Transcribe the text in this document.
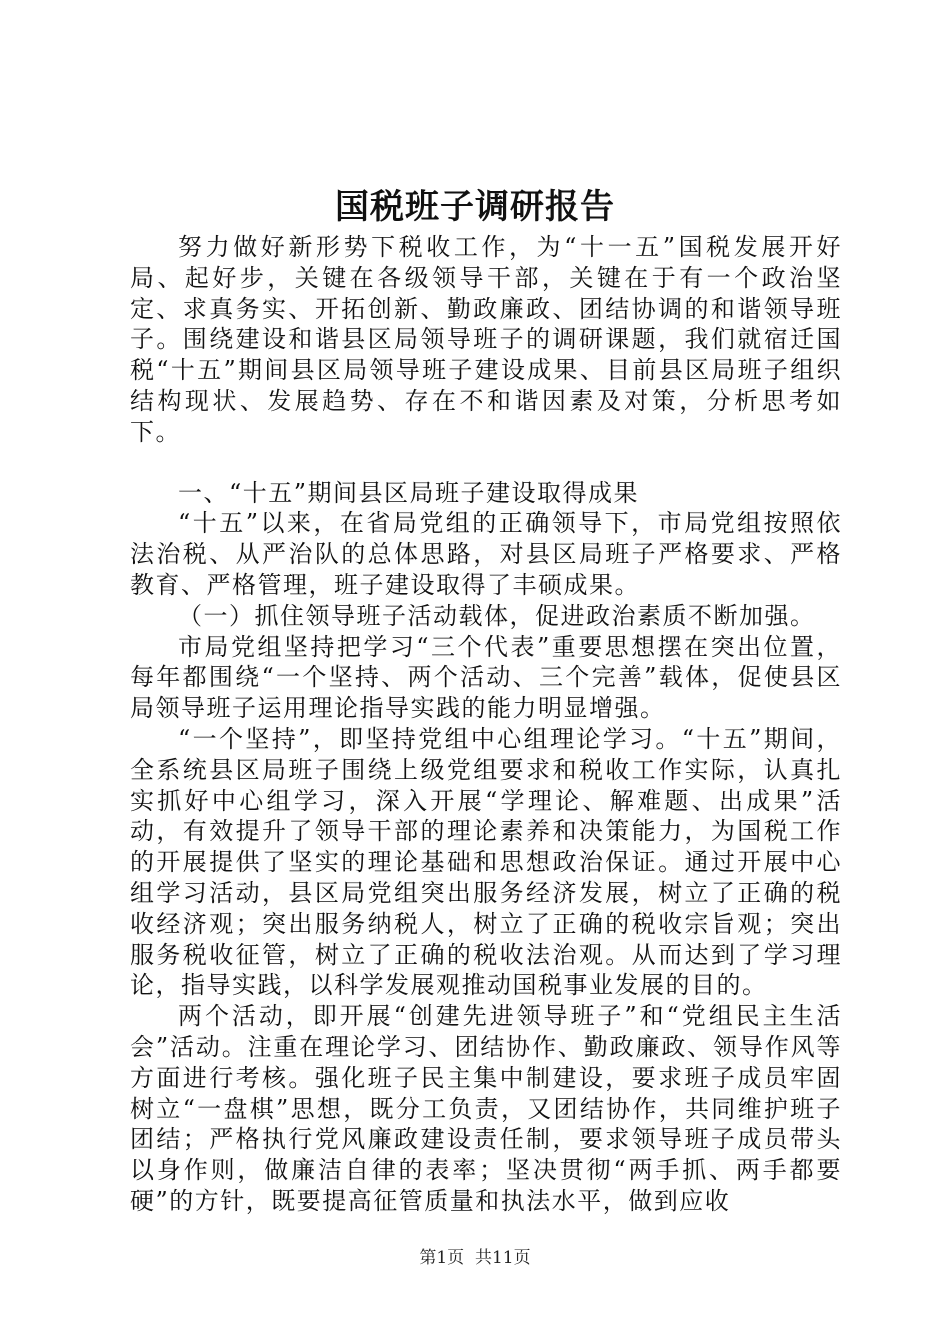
国税班子调研报告

努力做好新形势下税收工作，为“十一五”国税发展开好局、起好步，关键在各级领导干部，关键在于有一个政治坚定、求真务实、开拓创新、勤政廉政、团结协调的和谐领导班子。围绕建设和谐县区局领导班子的调研课题，我们就宿迁国税“十五”期间县区局领导班子建设成果、目前县区局班子组织结构现状、发展趋势、存在不和谐因素及对策，分析思考如下。

一、“十五”期间县区局班子建设取得成果

“十五”以来，在省局党组的正确领导下，市局党组按照依法治税、从严治队的总体思路，对县区局班子严格要求、严格教育、严格管理，班子建设取得了丰硕成果。

（一）抓住领导班子活动载体，促进政治素质不断加强。

市局党组坚持把学习“三个代表”重要思想摆在突出位置，每年都围绕“一个坚持、两个活动、三个完善”载体，促使县区局领导班子运用理论指导实践的能力明显增强。

“一个坚持”，即坚持党组中心组理论学习。“十五”期间，全系统县区局班子围绕上级党组要求和税收工作实际，认真扎实抓好中心组学习，深入开展“学理论、解难题、出成果”活动，有效提升了领导干部的理论素养和决策能力，为国税工作的开展提供了坚实的理论基础和思想政治保证。通过开展中心组学习活动，县区局党组突出服务经济发展，树立了正确的税收经济观；突出服务纳税人，树立了正确的税收宗旨观；突出服务税收征管，树立了正确的税收法治观。从而达到了学习理论，指导实践，以科学发展观推动国税事业发展的目的。

两个活动，即开展“创建先进领导班子”和“党组民主生活会”活动。注重在理论学习、团结协作、勤政廉政、领导作风等方面进行考核。强化班子民主集中制建设，要求班子成员牢固树立“一盘棋”思想，既分工负责，又团结协作，共同维护班子团结；严格执行党风廉政建设责任制，要求领导班子成员带头以身作则，做廉洁自律的表率；坚决贯彻“两手抓、两手都要硬”的方针，既要提高征管质量和执法水平，做到应收

第1页  共11页
